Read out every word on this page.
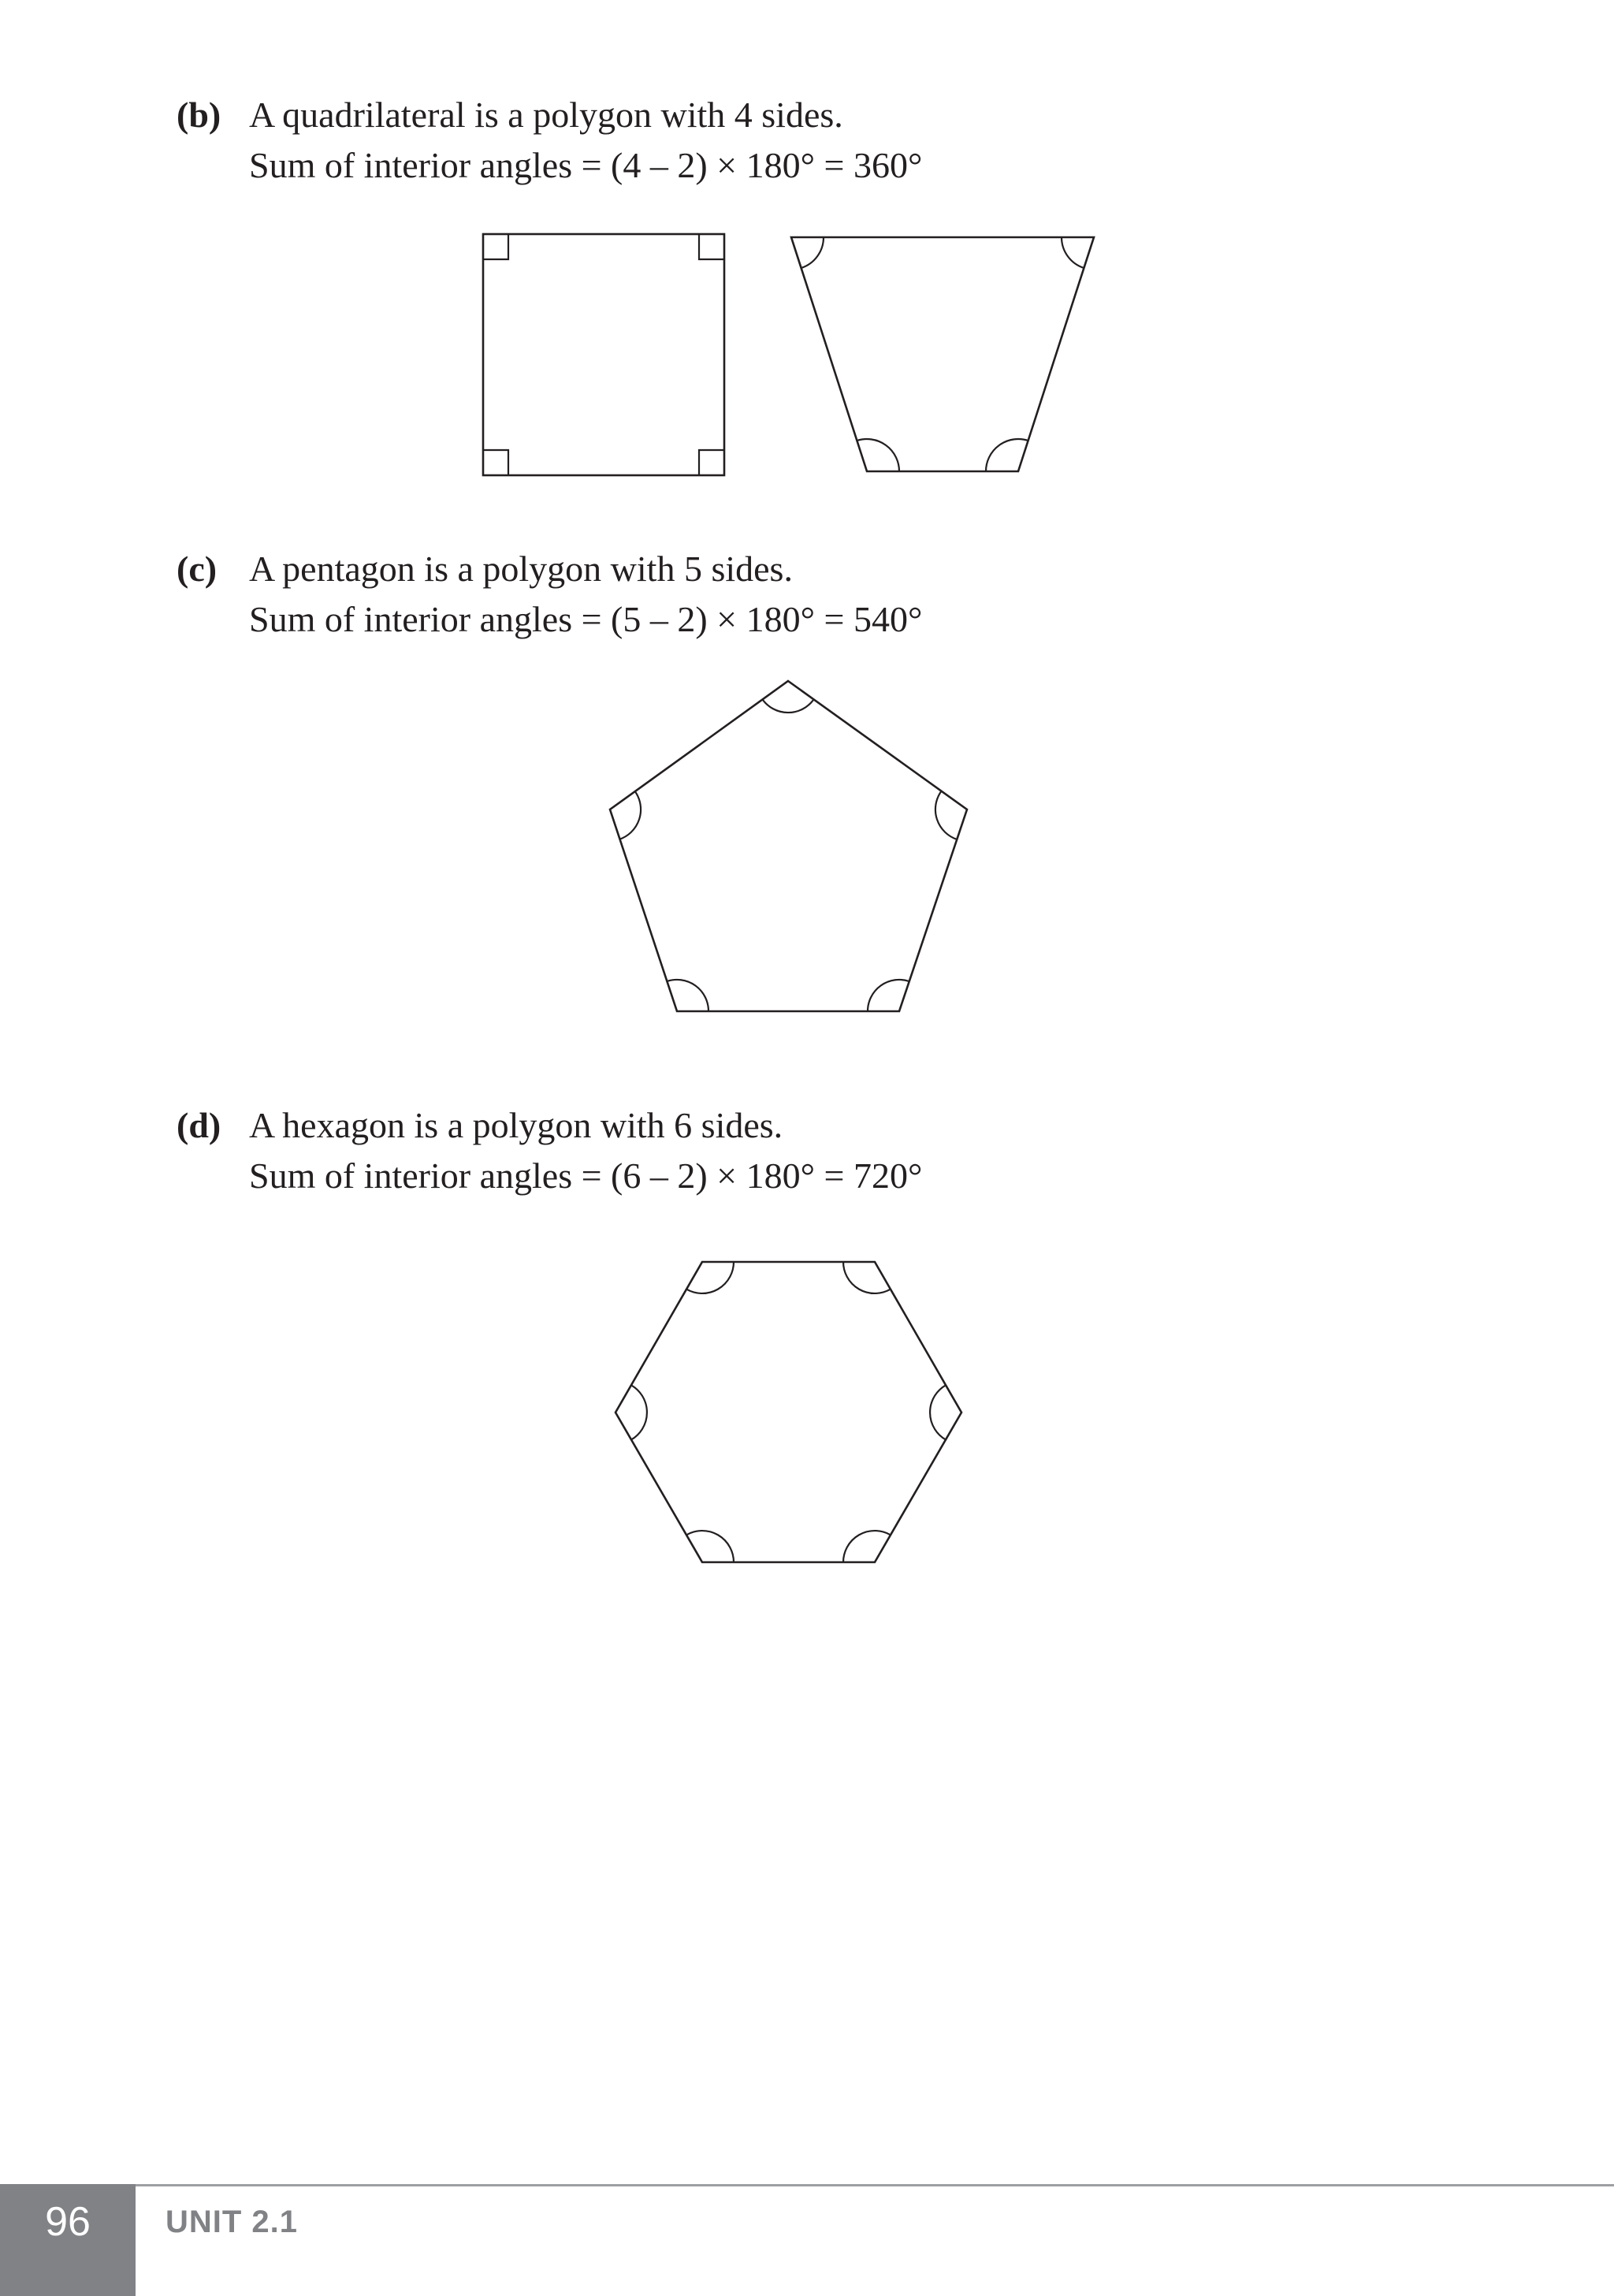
(b) A quadrilateral is a polygon with 4 sides.
Sum of interior angles = (4 – 2) × 180° = 360°
(c) A pentagon is a polygon with 5 sides.
Sum of interior angles = (5 – 2) × 180° = 540°
(d) A hexagon is a polygon with 6 sides.
Sum of interior angles = (6 – 2) × 180° = 720°
96	UNIT 2.1
